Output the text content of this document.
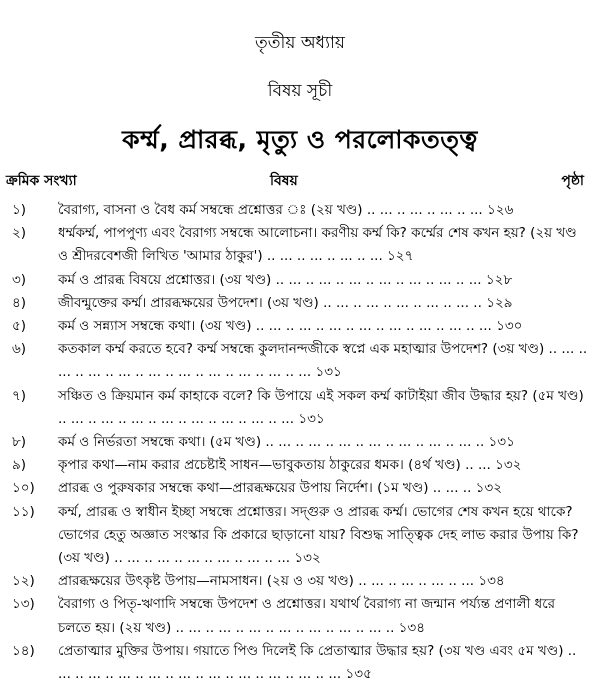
তৃতীয় অধ্যায়
বিষয় সূচী
কর্ম্ম, প্রারব্ধ, মৃত্যু ও পরলোকতত্ত্ব
ক্রমিক সংখ্যা	বিষয়	পৃষ্ঠা
১)	বৈরাগ্য, বাসনা ও বৈধ কর্ম সম্বন্ধে প্রশ্নোত্তর ঃ (২য় খণ্ড) .. ... .. ... .. ... .. ... ১২৬
২)	ধর্ম্মকর্ম্ম, পাপপুণ্য এবং বৈরাগ্য সম্বন্ধে আলোচনা। করণীয় কর্ম্ম কি? কর্ম্মের শেষ কখন হয়? (২য় খণ্ড ও শ্রীদরবেশজী লিখিত 'আমার ঠাকুর') .. ... .. ... .. ... .. ... ১২৭
৩)	কর্ম ও প্রারব্ধ বিষয়ে প্রশ্নোত্তর। (৩য় খণ্ড) .. ... .. ... .. ... .. ... .. ... .. ... .. ... ১২৮
৪)	জীবন্মুক্তের কর্ম্ম। প্রারব্ধক্ষয়ের উপদেশ। (৩য় খণ্ড) .. ... .. ... .. ... .. ... .. ... .. ১২৯
৫)	কর্ম ও সন্ন্যাস সম্বন্ধে কথা। (৩য় খণ্ড) .. ... .. ... .. ... .. ... .. ... .. ... .. ... .. ... ১৩০
৬)	কতকাল কর্ম্ম করতে হবে? কর্ম্ম সম্বন্ধে কুলদানন্দজীকে স্বপ্নে এক মহাত্মার উপদেশ? (৩য় খণ্ড) .. ... .. ... .. ... .. ... .. ... .. ... .. ... .. ... .. ... .. ... ১৩১
৭)	সঞ্চিত ও ক্রিয়মান কর্ম কাহাকে বলে? কি উপায়ে এই সকল কর্ম্ম কাটাইয়া জীব উদ্ধার হয়? (৫ম খণ্ড) .. ... .. ... .. ... .. ... .. ... .. ... .. ... .. ... ১৩১
৮)	কর্ম ও নির্ভরতা সম্বন্ধে কথা। (৫ম খণ্ড) .. ... .. ... .. ... .. ... .. ... .. ... .. ... .. ১৩১
৯)	কৃপার কথা—নাম করার প্রচেষ্টাই সাধন—ভাবুকতায় ঠাকুরের ধমক। (৪র্থ খণ্ড) .. ... ১৩২
১০)	প্রারব্ধ ও পুরুষকার সম্বন্ধে কথা—প্রারব্ধক্ষয়ের উপায় নির্দেশ। (১ম খণ্ড) .. ... .. ১৩২
১১)	কর্ম্ম, প্রারব্ধ ও স্বাধীন ইচ্ছা সম্বন্ধে প্রশ্নোত্তর। সদ্গুরু ও প্রারব্ধ কর্ম্ম। ভোগের শেষ কখন হয়ে থাকে? ভোগের হেতু অজ্ঞাত সংস্কার কি প্রকারে ছাড়ানো যায়? বিশুদ্ধ সাত্ত্বিক দেহ লাভ করার উপায় কি? (৩য় খণ্ড) .. ... .. ... .. ... .. ... .. ... .. ... ১৩২
১২)	প্রারব্ধক্ষয়ের উৎকৃষ্ট উপায়—নামসাধন। (২য় ও ৩য় খণ্ড) .. ... .. ... .. ... .. ... ১৩৪
১৩)	বৈরাগ্য ও পিতৃ-ঋণাদি সম্বন্ধে উপদেশ ও প্রশ্নোত্তর। যথার্থ বৈরাগ্য না জন্মান পর্য্যন্ত প্রণালী ধরে চলতে হয়। (২য় খণ্ড) .. ... .. ... .. ... .. ... .. ... .. ... .. ... .. ১৩৪
১৪)	প্রেতাত্মার মুক্তির উপায়। গয়াতে পিণ্ড দিলেই কি প্রেতাত্মার উদ্ধার হয়? (৩য় খণ্ড এবং ৫ম খণ্ড) .. ... .. ... .. ... .. ... .. ... .. ... .. ... .. ... .. ... .. ... ১৩৫
